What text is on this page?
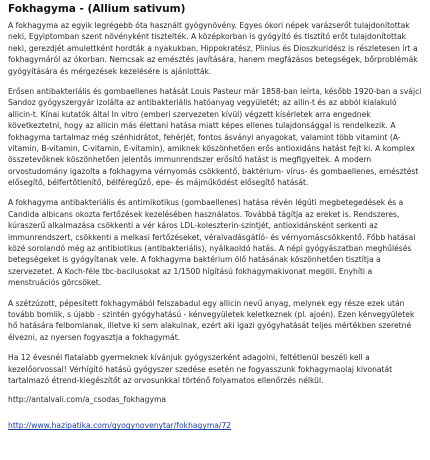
Fokhagyma - (Allium sativum)

A fokhagyma az egyik legrégebb óta használt gyógynövény. Egyes ókori népek varázserőt tulajdonítottak neki, Egyiptomban szent növényként tisztelték. A középkorban is gyógyító és tisztító erőt tulajdonítottak neki, gerezdjét amulettként hordták a nyakukban. Hippokratész, Plinius és Dioszkuridész is részletesen írt a fokhagymáról az ókorban. Nemcsak az emésztés javítására, hanem megfázásos betegségek, bőrproblémák gyógyítására és mérgezések kezelésére is ajánlották.

Erősen antibakteriális és gombaellenes hatását Louis Pasteur már 1858-ban leírta, később 1920-ban a svájci Sandoz gyógyszergyár izolálta az antibakteriális hatóanyag vegyületét; az allin-t és az abból kialakuló allicin-t. Kínai kutatók által In vitro (emberi szervezeten kívül) végzett kísérletek arra engednek következtetni, hogy az allicin más élettani hatása miatt képes ellenes tulajdonsággal is rendelkezik. A fokhagyma tartalmaz még szénhidrátot, fehérjét, fontos ásványi anyagokat, valamint több vitamint (A-vitamin, B-vitamin, C-vitamin, E-vitamin), amiknek köszönhetően erős antioxidáns hatást fejt ki. A komplex összetevőknek köszönhetően jelentős immunrendszer erősítő hatást is megfigyeltek. A modern orvostudomány igazolta a fokhagyma vérnyomás csökkentő, baktérium- vírus- és gombaellenes, emésztést elősegítő, bélfertőtlenítő, bélféregűző, epe- és májműködést elősegítő hatását.

A fokhagyma antibakteriális és antimikotikus (gombaellenes) hatása révén légúti megbetegedések és a Candida albicans okozta fertőzések kezelésében használatos. Továbbá tágítja az ereket is. Rendszeres, kúraszerű alkalmazása csökkenti a vér káros LDL-koleszterin-szintjét, antioxidánsként serkenti az immunrendszert, csökkenti a melkasi fertőzéseket, véralvadásgátló- és vérnyomáscsökkentő. Főbb hatásai közé sorolandó még az antibiotikus (antibakteriális), nyálkaoldó hatás. A népi gyógyászatban meghűlésés betegségeket is gyógyítanak vele. A fokhagyma baktérium ölő hatásának köszönhetően tisztítja a szervezetet. A Koch-féle tbc-bacilusokat az 1/1500 hígítású fokhagymakivonat megöli. Enyhíti a menstruációs görcsöket.

A szétzúzott, pépesített fokhagymából felszabadul egy allicin nevű anyag, melynek egy része ezek után tovább bomlik, s újabb - szintén gyógyhatású - kénvegyületek keletkeznek (pl. ajoén). Ezen kénvegyületek hő hatására felbomlanak, illetve ki sem alakulnak, ezért aki igazi gyógyhatását teljes mértékben szeretné élvezni, az nyersen fogyasztja a fokhagymát.

Ha 12 évesnél fiatalabb gyermeknek kívánjuk gyógyszerként adagolni, feltétlenül beszéli kell a kezelőorvossal! Vérhígító hatású gyógyszer szedése esetén ne fogyasszunk fokhagymaolaj kivonatát tartalmazó étrend-kiegészítőt az orvosunkkal történő folyamatos ellenőrzés nélkül.

http://antalvali.com/a_csodas_fokhagyma
http://www.hazipatika.com/gyogynovenytar/fokhagyma/72
